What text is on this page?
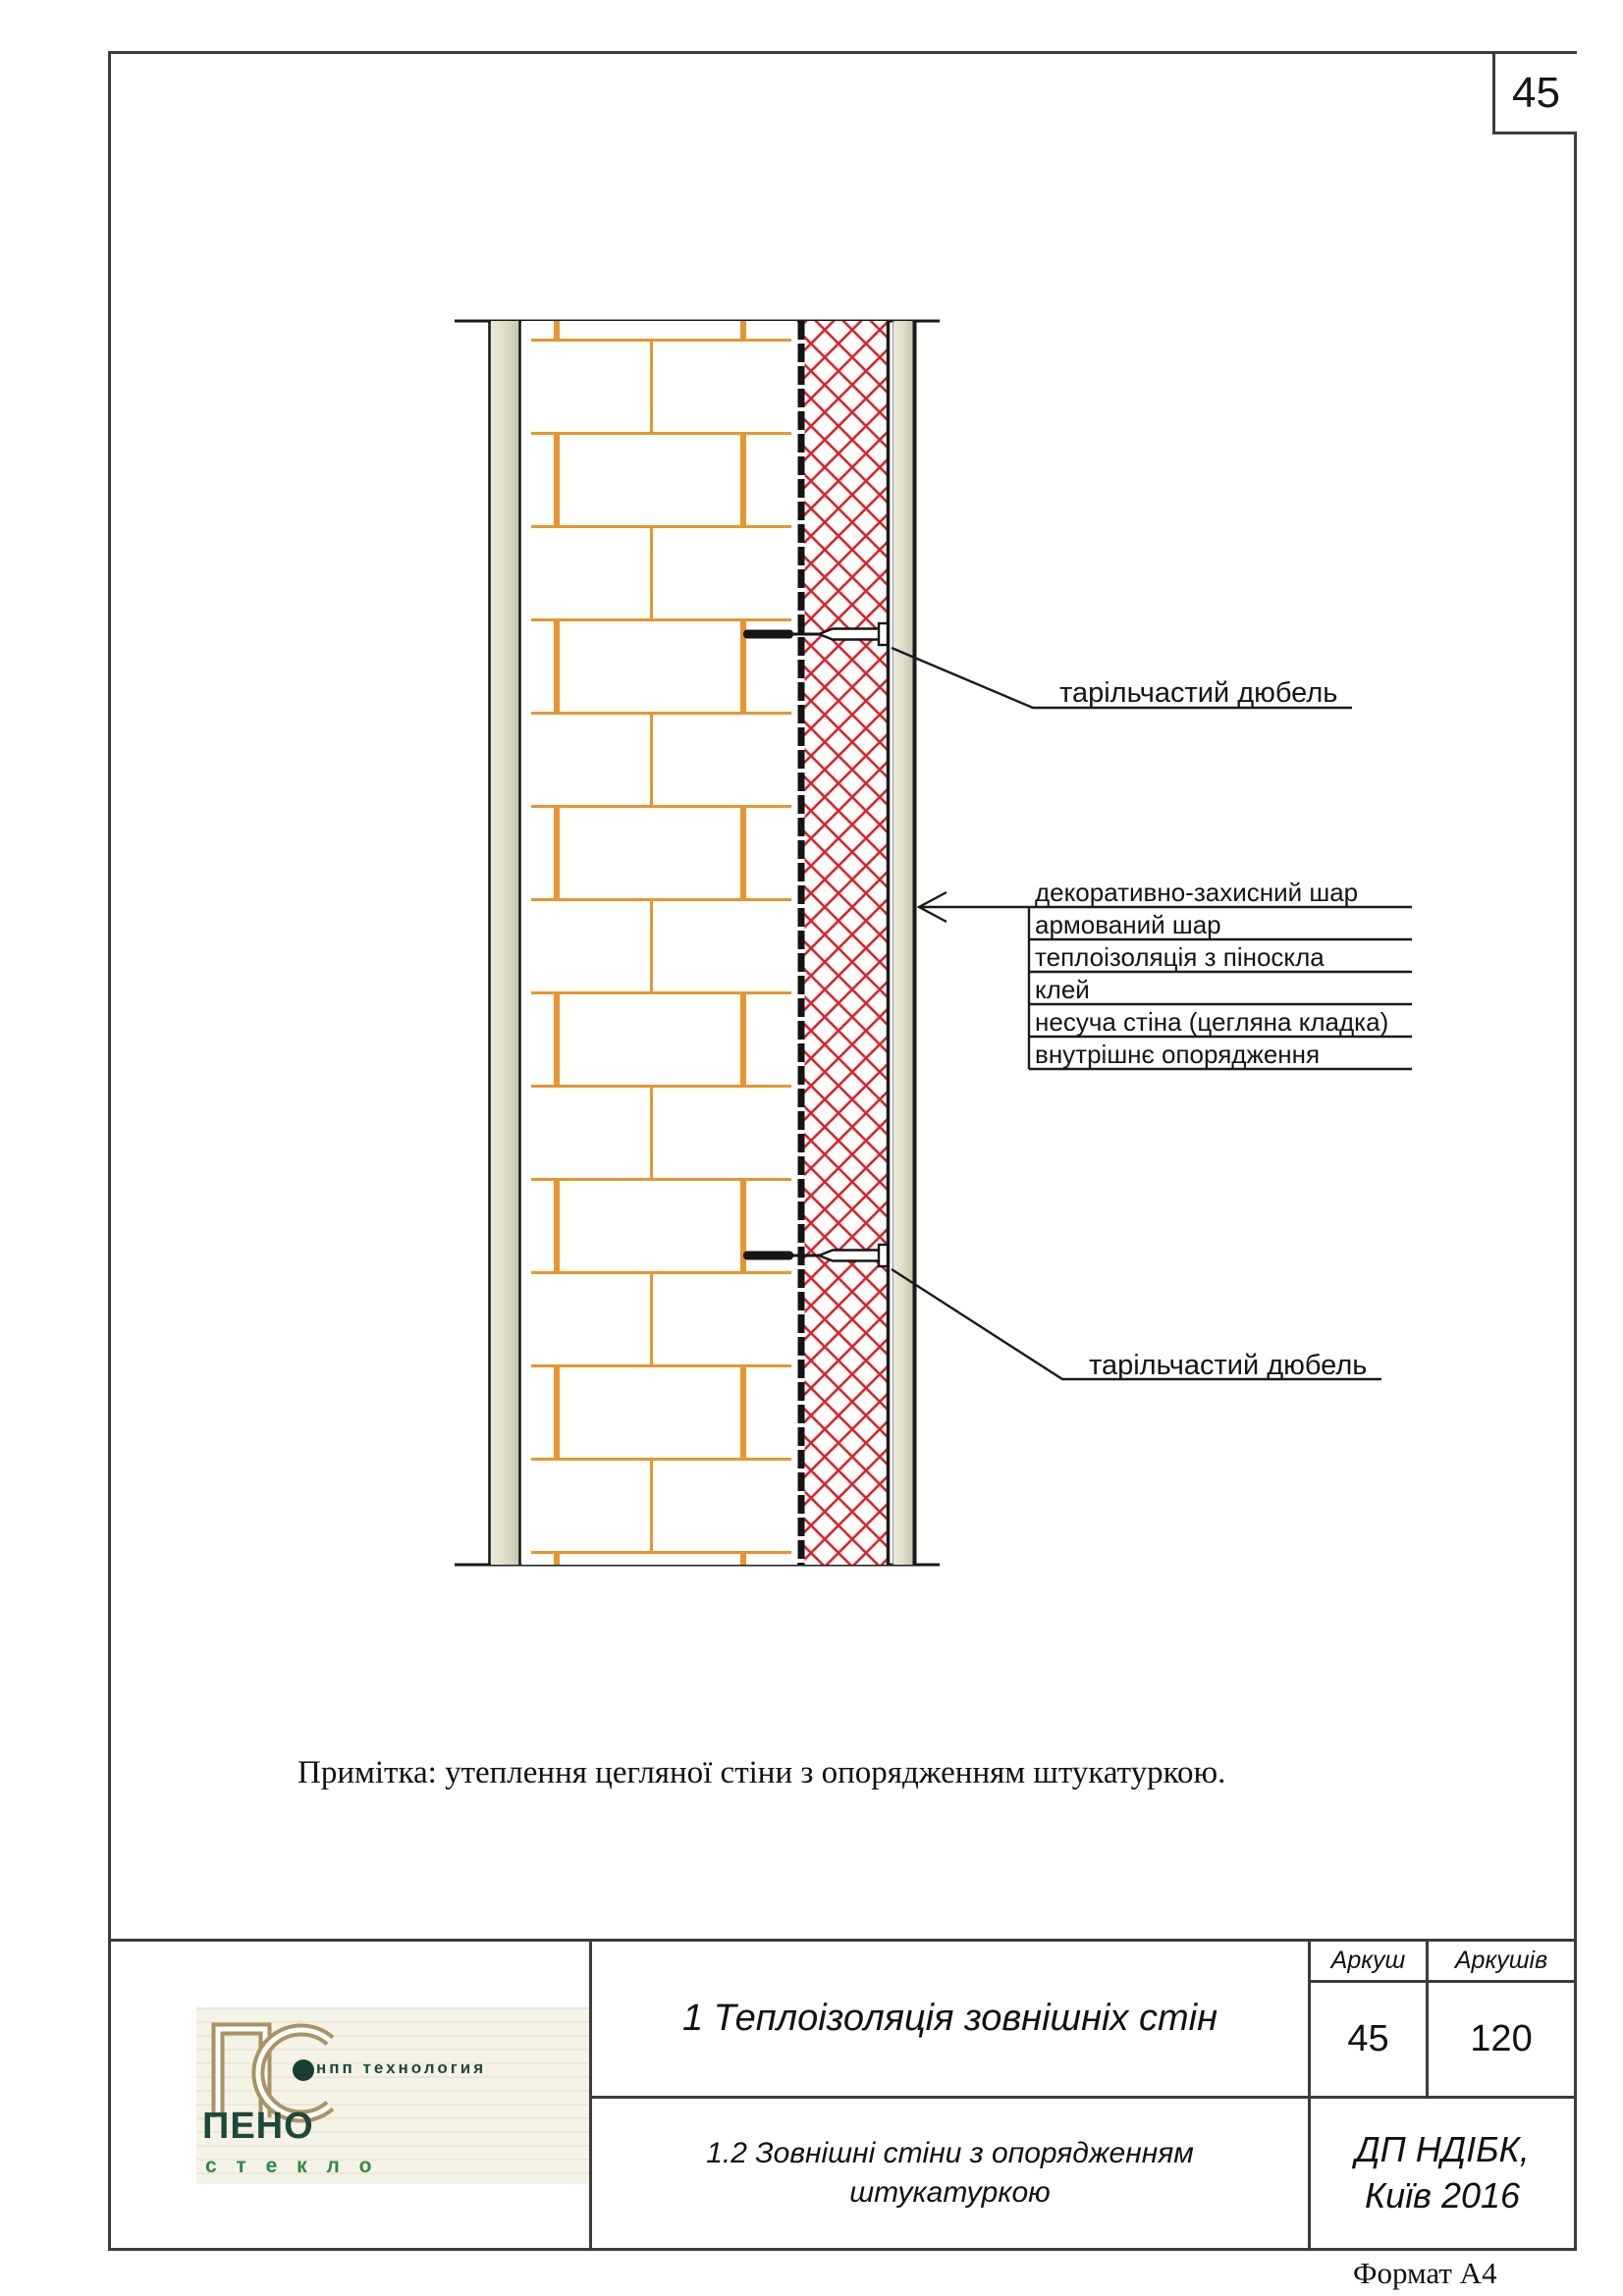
45
тарільчастий дюбель
тарільчастий дюбель
декоративно-захисний шар
армований шар
теплоізоляція з піноскла
клей
несуча стіна (цегляна кладка)
внутрішнє опорядження
Примітка: утеплення цегляної стіни з опорядженням штукатуркою.
нпп технология
ПЕНО
с т е к л о
1 Теплоізоляція зовнішніх стін
1.2 Зовнішні стіни з опорядженням штукатуркою
Аркуш	Аркушів
45	120
ДП НДІБК,
Київ 2016
Формат А4
